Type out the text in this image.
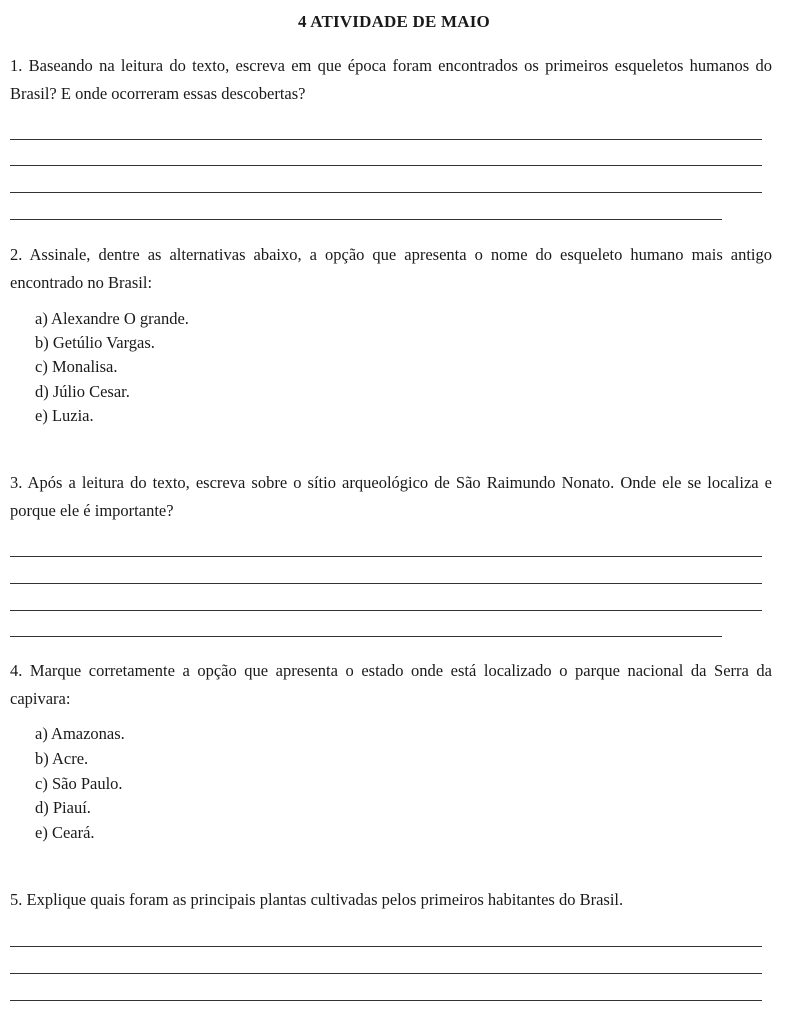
4 ATIVIDADE DE MAIO
1. Baseando na leitura do texto, escreva em que época foram encontrados os primeiros esqueletos humanos do Brasil? E onde ocorreram essas descobertas?
2. Assinale, dentre as alternativas abaixo, a opção que apresenta o nome do esqueleto humano mais antigo encontrado no Brasil:
a) Alexandre O grande.
b) Getúlio Vargas.
c) Monalisa.
d) Júlio Cesar.
e) Luzia.
3. Após a leitura do texto, escreva sobre o sítio arqueológico de São Raimundo Nonato. Onde ele se localiza e porque ele é importante?
4. Marque corretamente a opção que apresenta o estado onde está localizado o parque nacional da Serra da capivara:
a) Amazonas.
b) Acre.
c) São Paulo.
d) Piauí.
e) Ceará.
5. Explique quais foram as principais plantas cultivadas pelos primeiros habitantes do Brasil.
